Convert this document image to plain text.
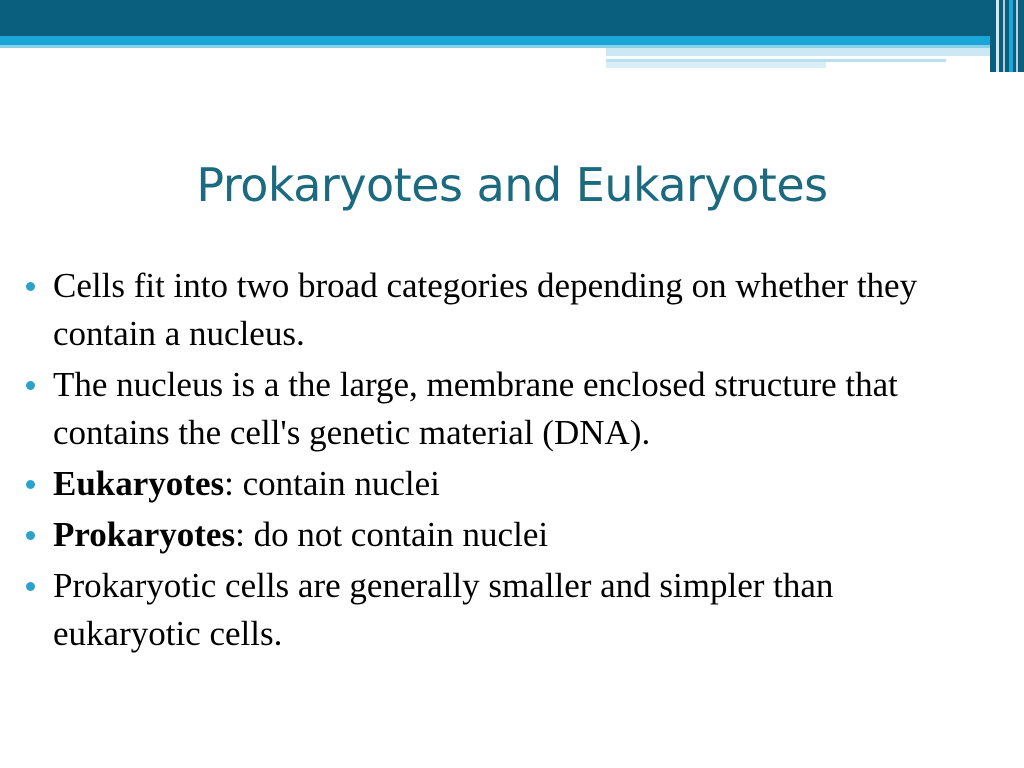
Prokaryotes and Eukaryotes
Cells fit into two broad categories depending on whether they contain a nucleus.
The nucleus is a the large, membrane enclosed structure that contains the cell's genetic material (DNA).
Eukaryotes: contain nuclei
Prokaryotes: do not contain nuclei
Prokaryotic cells are generally smaller and simpler than eukaryotic cells.
